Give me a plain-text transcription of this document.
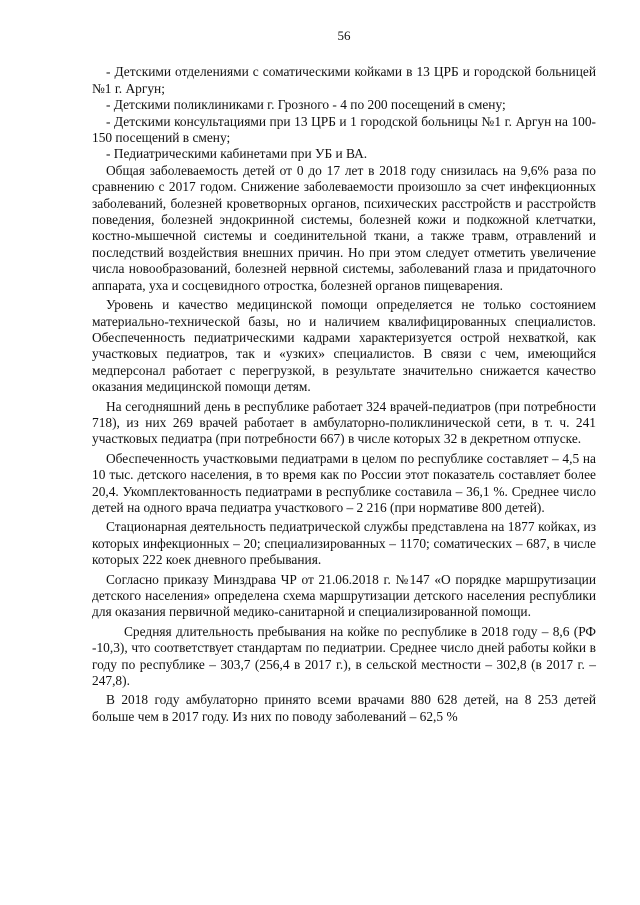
56

- Детскими отделениями с соматическими койками в 13 ЦРБ и городской больницей №1 г. Аргун;

- Детскими поликлиниками г. Грозного - 4 по 200 посещений в смену;

- Детскими консультациями при 13 ЦРБ и 1 городской больницы №1 г. Аргун на 100-150 посещений в смену;

- Педиатрическими кабинетами при УБ и ВА.

Общая заболеваемость детей от 0 до 17 лет в 2018 году снизилась на 9,6% раза по сравнению с 2017 годом. Снижение заболеваемости произошло за счет инфекционных заболеваний, болезней кроветворных органов, психических расстройств и расстройств поведения, болезней эндокринной системы, болезней кожи и подкожной клетчатки, костно-мышечной системы и соединительной ткани, а также травм, отравлений и последствий воздействия внешних причин. Но при этом следует отметить увеличение числа новообразований, болезней нервной системы, заболеваний глаза и придаточного аппарата, уха и сосцевидного отростка, болезней органов пищеварения.

Уровень и качество медицинской помощи определяется не только состоянием материально-технической базы, но и наличием квалифицированных специалистов. Обеспеченность педиатрическими кадрами характеризуется острой нехваткой, как участковых педиатров, так и «узких» специалистов. В связи с чем, имеющийся медперсонал работает с перегрузкой, в результате значительно снижается качество оказания медицинской помощи детям.

На сегодняшний день в республике работает 324 врачей-педиатров (при потребности 718), из них 269 врачей работает в амбулаторно-поликлинической сети, в т. ч. 241 участковых педиатра (при потребности 667) в числе которых 32 в декретном отпуске.

Обеспеченность участковыми педиатрами в целом по республике составляет – 4,5 на 10 тыс. детского населения, в то время как по России этот показатель составляет более 20,4. Укомплектованность педиатрами в республике составила – 36,1 %. Среднее число детей на одного врача педиатра участкового – 2 216 (при нормативе 800 детей).

Стационарная деятельность педиатрической службы представлена на 1877 койках, из которых инфекционных – 20; специализированных – 1170; соматических – 687, в числе которых 222 коек дневного пребывания.

Согласно приказу Минздрава ЧР от 21.06.2018 г. №147 «О порядке маршрутизации детского населения» определена схема маршрутизации детского населения республики для оказания первичной медико-санитарной и специализированной помощи.

Средняя длительность пребывания на койке по республике в 2018 году – 8,6 (РФ -10,3), что соответствует стандартам по педиатрии. Среднее число дней работы койки в году по республике – 303,7 (256,4 в 2017 г.), в сельской местности – 302,8 (в 2017 г. – 247,8).

В 2018 году амбулаторно принято всеми врачами 880 628 детей, на 8 253 детей больше чем в 2017 году. Из них по поводу заболеваний – 62,5 %
